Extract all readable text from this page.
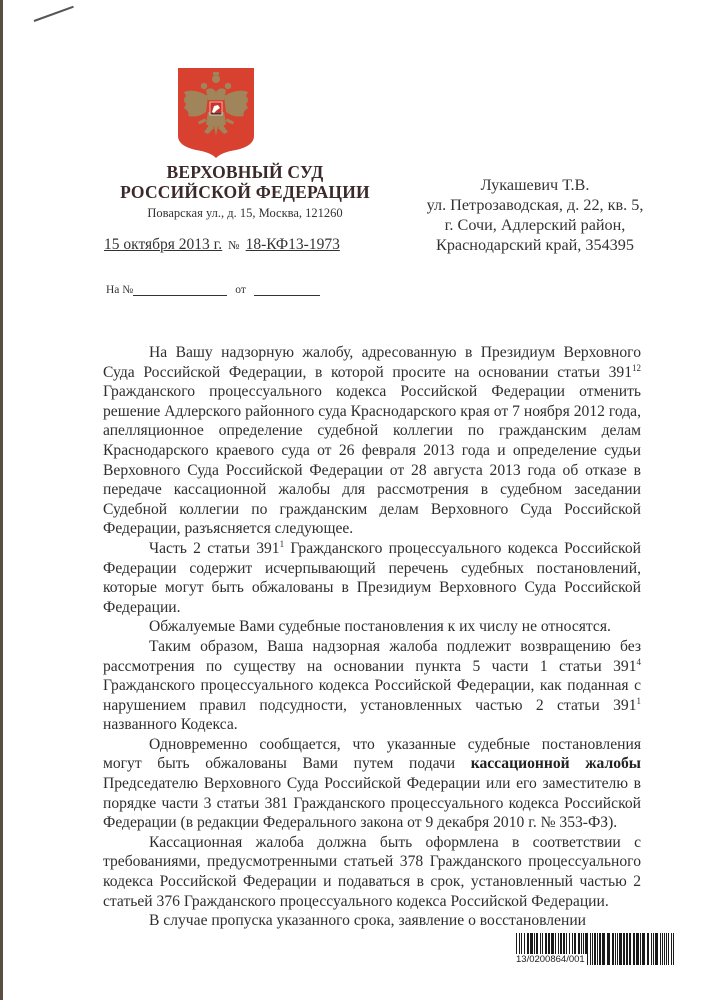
ВЕРХОВНЫЙ СУД
РОССИЙСКОЙ ФЕДЕРАЦИИ
Поварская ул., д. 15, Москва, 121260
15 октября 2013 г. № 18-КФ13-1973
На №	от
Лукашевич Т.В.
ул. Петрозаводская, д. 22, кв. 5,
г. Сочи, Адлерский район,
Краснодарский край, 354395

На Вашу надзорную жалобу, адресованную в Президиум Верховного Суда Российской Федерации, в которой просите на основании статьи $391^{12}$ Гражданского процессуального кодекса Российской Федерации отменить решение Адлерского районного суда Краснодарского края от 7 ноября 2012 года, апелляционное определение судебной коллегии по гражданским делам Краснодарского краевого суда от 26 февраля 2013 года и определение судьи Верховного Суда Российской Федерации от 28 августа 2013 года об отказе в передаче кассационной жалобы для рассмотрения в судебном заседании Судебной коллегии по гражданским делам Верховного Суда Российской Федерации, разъясняется следующее.

Часть 2 статьи $391^1$ Гражданского процессуального кодекса Российской Федерации содержит исчерпывающий перечень судебных постановлений, которые могут быть обжалованы в Президиум Верховного Суда Российской Федерации.

Обжалуемые Вами судебные постановления к их числу не относятся.

Таким образом, Ваша надзорная жалоба подлежит возвращению без рассмотрения по существу на основании пункта 5 части 1 статьи $391^4$ Гражданского процессуального кодекса Российской Федерации, как поданная с нарушением правил подсудности, установленных частью 2 статьи $391^1$ названного Кодекса.

Одновременно сообщается, что указанные судебные постановления могут быть обжалованы Вами путем подачи кассационной жалобы Председателю Верховного Суда Российской Федерации или его заместителю в порядке части 3 статьи 381 Гражданского процессуального кодекса Российской Федерации (в редакции Федерального закона от 9 декабря 2010 г. № 353-ФЗ).

Кассационная жалоба должна быть оформлена в соответствии с требованиями, предусмотренными статьей 378 Гражданского процессуального кодекса Российской Федерации и подаваться в срок, установленный частью 2 статьей 376 Гражданского процессуального кодекса Российской Федерации.

В случае пропуска указанного срока, заявление о восстановлении

13/0200864/001
